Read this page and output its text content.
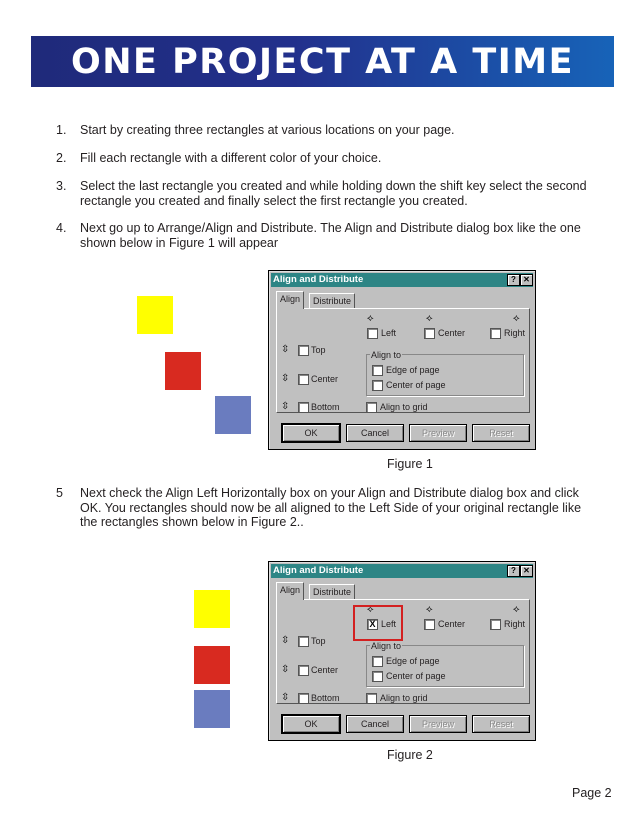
ONE PROJECT AT A TIME
1. Start by creating three rectangles at various locations on your page.
2. Fill each rectangle with a different color of your choice.
3. Select the last rectangle you created and while holding down the shift key select the second rectangle you created and finally select the first rectangle you created.
4. Next go up to Arrange/Align and Distribute. The Align and Distribute dialog box like the one shown below in Figure 1 will appear
Align and Distribute	? ✕
Align	Distribute
⟡	⟡	⟡
Left	Center	Right
⇳ Top
⇳ Center
⇳ Bottom
Align to
Edge of page
Center of page
Align to grid
OK	Cancel	Preview	Reset
Figure 1
5 Next check the Align Left Horizontally box on your Align and Distribute dialog box and click OK. You rectangles should now be all aligned to the Left Side of your original rectangle like the rectangles shown below in Figure 2..
Align and Distribute	? ✕
Align	Distribute
⟡	⟡	⟡
X Left	Center	Right
⇳ Top
⇳ Center
⇳ Bottom
Align to
Edge of page
Center of page
Align to grid
OK	Cancel	Preview	Reset
Figure 2
Page 2
